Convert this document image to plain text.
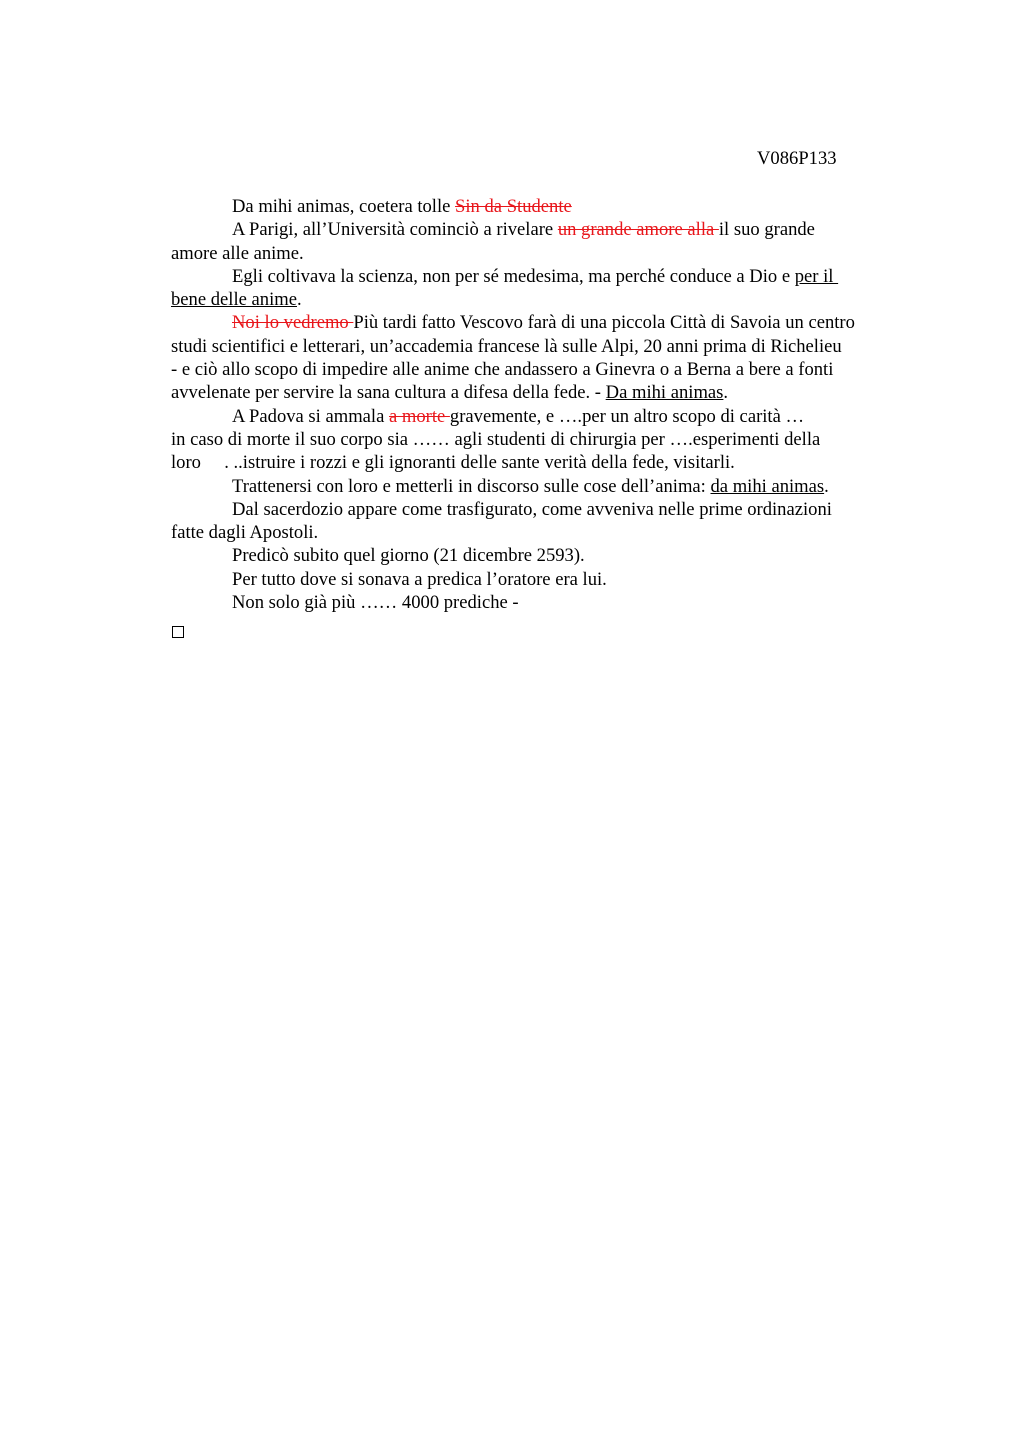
V086P133

Da mihi animas, coetera tolle Sin da Studente

A Parigi, all’Università cominciò a rivelare un grande amore alla il suo grande

amore alle anime.

Egli coltivava la scienza, non per sé medesima, ma perché conduce a Dio e per il

bene delle anime.

Noi lo vedremo Più tardi fatto Vescovo farà di una piccola Città di Savoia un centro

studi scientifici e letterari, un’accademia francese là sulle Alpi, 20 anni prima di Richelieu

- e ciò allo scopo di impedire alle anime che andassero a Ginevra o a Berna a bere a fonti

avvelenate per servire la sana cultura a difesa della fede. - Da mihi animas.

A Padova si ammala a morte gravemente, e ….per un altro scopo di carità …

in caso di morte il suo corpo sia …… agli studenti di chirurgia per ….esperimenti della

loro     . ..istruire i rozzi e gli ignoranti delle sante verità della fede, visitarli.

Trattenersi con loro e metterli in discorso sulle cose dell’anima: da mihi animas.

Dal sacerdozio appare come trasfigurato, come avveniva nelle prime ordinazioni

fatte dagli Apostoli.

Predicò subito quel giorno (21 dicembre 2593).

Per tutto dove si sonava a predica l’oratore era lui.

Non solo già più …… 4000 prediche -
